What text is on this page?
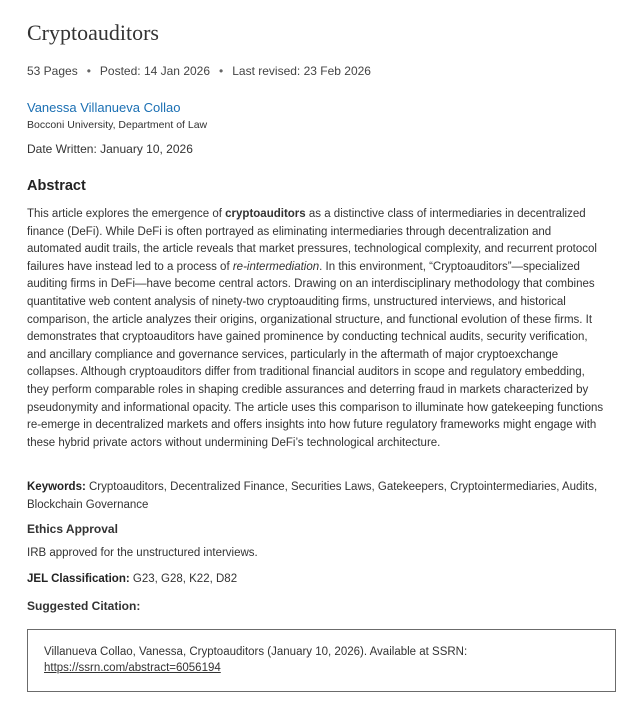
Cryptoauditors
53 Pages • Posted: 14 Jan 2026 • Last revised: 23 Feb 2026
Vanessa Villanueva Collao
Bocconi University, Department of Law
Date Written: January 10, 2026
Abstract

This article explores the emergence of cryptoauditors as a distinctive class of intermediaries in decentralized finance (DeFi). While DeFi is often portrayed as eliminating intermediaries through decentralization and automated audit trails, the article reveals that market pressures, technological complexity, and recurrent protocol failures have instead led to a process of re-intermediation. In this environment, “Cryptoauditors”—specialized auditing firms in DeFi—have become central actors. Drawing on an interdisciplinary methodology that combines quantitative web content analysis of ninety-two cryptoauditing firms, unstructured interviews, and historical comparison, the article analyzes their origins, organizational structure, and functional evolution of these firms. It demonstrates that cryptoauditors have gained prominence by conducting technical audits, security verification, and ancillary compliance and governance services, particularly in the aftermath of major cryptoexchange collapses. Although cryptoauditors differ from traditional financial auditors in scope and regulatory embedding, they perform comparable roles in shaping credible assurances and deterring fraud in markets characterized by pseudonymity and informational opacity. The article uses this comparison to illuminate how gatekeeping functions re-emerge in decentralized markets and offers insights into how future regulatory frameworks might engage with these hybrid private actors without undermining DeFi’s technological architecture.

Keywords: Cryptoauditors, Decentralized Finance, Securities Laws, Gatekeepers, Cryptointermediaries, Audits, Blockchain Governance
Ethics Approval
IRB approved for the unstructured interviews.
JEL Classification: G23, G28, K22, D82
Suggested Citation:
Villanueva Collao, Vanessa, Cryptoauditors (January 10, 2026). Available at SSRN: https://ssrn.com/abstract=6056194
